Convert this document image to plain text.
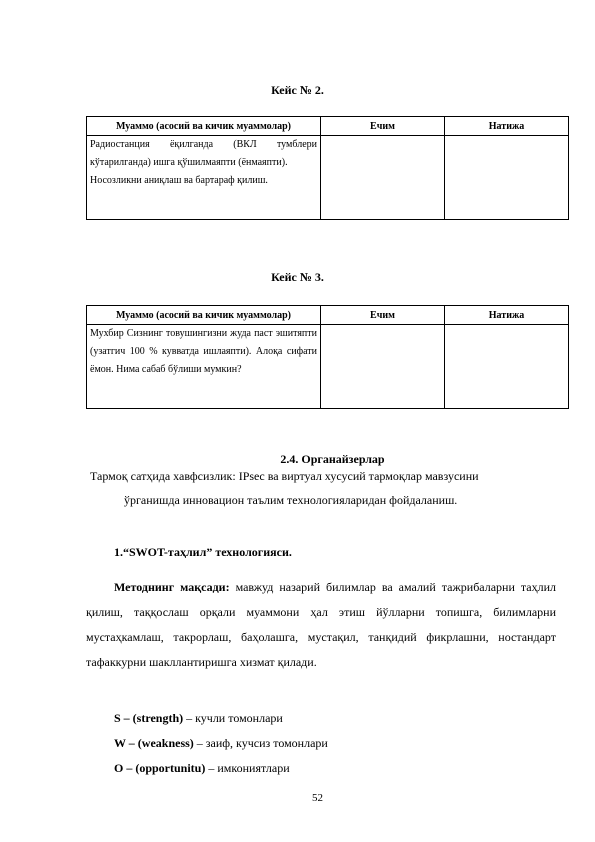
Кейс № 2.
Муаммо (асосий ва кичик муаммолар)	Ечим	Натижа

Радиостанция ёқилганда (ВКЛ тумблери кўтарилганда) ишга қўшилмаяпти (ёнмаяпти).
Носозликни аниқлаш ва бартараф қилиш.		

Кейс № 3.
Муаммо (асосий ва кичик муаммолар)	Ечим	Натижа

Мухбир Сизнинг товушингизни жуда паст эшитяпти (узатгич 100 % кувватда ишлаяпти). Алоқа сифати ёмон. Нима сабаб бўлиши мумкин?		

2.4. Органайзерлар
Тармоқ сатҳида хавфсизлик: IPsec ва виртуал хусусий тармоқлар мавзусини
ўрганишда инновацион таълим технологияларидан фойдаланиш.
1.“SWOT-таҳлил” технологияси.
Методнинг мақсади: мавжуд назарий билимлар ва амалий тажрибаларни таҳлил қилиш, таққослаш орқали муаммони ҳал этиш йўлларни топишга, билимларни мустаҳкамлаш, такрорлаш, баҳолашга, мустақил, танқидий фикрлашни, ностандарт тафаккурни шакллантиришга хизмат қилади.
S – (strength) – кучли томонлари
W – (weakness) – заиф, кучсиз томонлари
O – (opportunitu) – имкониятлари
52
